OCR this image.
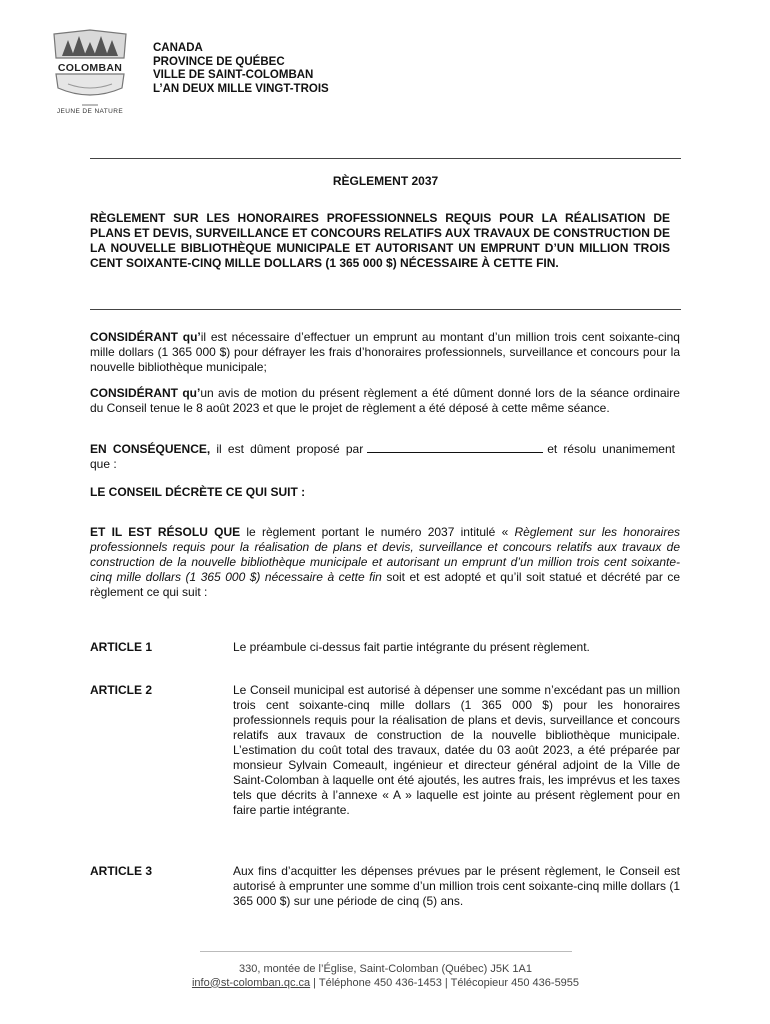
COLOMBAN
JEUNE DE NATURE
CANADA
PROVINCE DE QUÉBEC
VILLE DE SAINT-COLOMBAN
L’AN DEUX MILLE VINGT-TROIS
RÈGLEMENT 2037
RÈGLEMENT SUR LES HONORAIRES PROFESSIONNELS REQUIS POUR LA RÉALISATION DE PLANS ET DEVIS, SURVEILLANCE ET CONCOURS RELATIFS AUX TRAVAUX DE CONSTRUCTION DE LA NOUVELLE BIBLIOTHÈQUE MUNICIPALE ET AUTORISANT UN EMPRUNT D’UN MILLION TROIS CENT SOIXANTE-CINQ MILLE DOLLARS (1 365 000 $) NÉCESSAIRE À CETTE FIN.
CONSIDÉRANT qu’il est nécessaire d’effectuer un emprunt au montant d’un million trois cent soixante-cinq mille dollars (1 365 000 $) pour défrayer les frais d’honoraires professionnels, surveillance et concours pour la nouvelle bibliothèque municipale;
CONSIDÉRANT qu’un avis de motion du présent règlement a été dûment donné lors de la séance ordinaire du Conseil tenue le 8 août 2023 et que le projet de règlement a été déposé à cette même séance.
EN CONSÉQUENCE, il est dûment proposé par	et résolu unanimement que :
LE CONSEIL DÉCRÈTE CE QUI SUIT :
ET IL EST RÉSOLU QUE le règlement portant le numéro 2037 intitulé « Règlement sur les honoraires professionnels requis pour la réalisation de plans et devis, surveillance et concours relatifs aux travaux de construction de la nouvelle bibliothèque municipale et autorisant un emprunt d’un million trois cent soixante-cinq mille dollars (1 365 000 $) nécessaire à cette fin soit et est adopté et qu’il soit statué et décrété par ce règlement ce qui suit :
ARTICLE 1	Le préambule ci-dessus fait partie intégrante du présent règlement.
ARTICLE 2	Le Conseil municipal est autorisé à dépenser une somme n’excédant pas un million trois cent soixante-cinq mille dollars (1 365 000 $) pour les honoraires professionnels requis pour la réalisation de plans et devis, surveillance et concours relatifs aux travaux de construction de la nouvelle bibliothèque municipale. L’estimation du coût total des travaux, datée du 03 août 2023, a été préparée par monsieur Sylvain Comeault, ingénieur et directeur général adjoint de la Ville de Saint-Colomban à laquelle ont été ajoutés, les autres frais, les imprévus et les taxes tels que décrits à l’annexe « A » laquelle est jointe au présent règlement pour en faire partie intégrante.
ARTICLE 3	Aux fins d’acquitter les dépenses prévues par le présent règlement, le Conseil est autorisé à emprunter une somme d’un million trois cent soixante-cinq mille dollars (1 365 000 $) sur une période de cinq (5) ans.
330, montée de l’Église, Saint-Colomban (Québec) J5K 1A1
info@st-colomban.qc.ca | Téléphone 450 436-1453 | Télécopieur 450 436-5955
